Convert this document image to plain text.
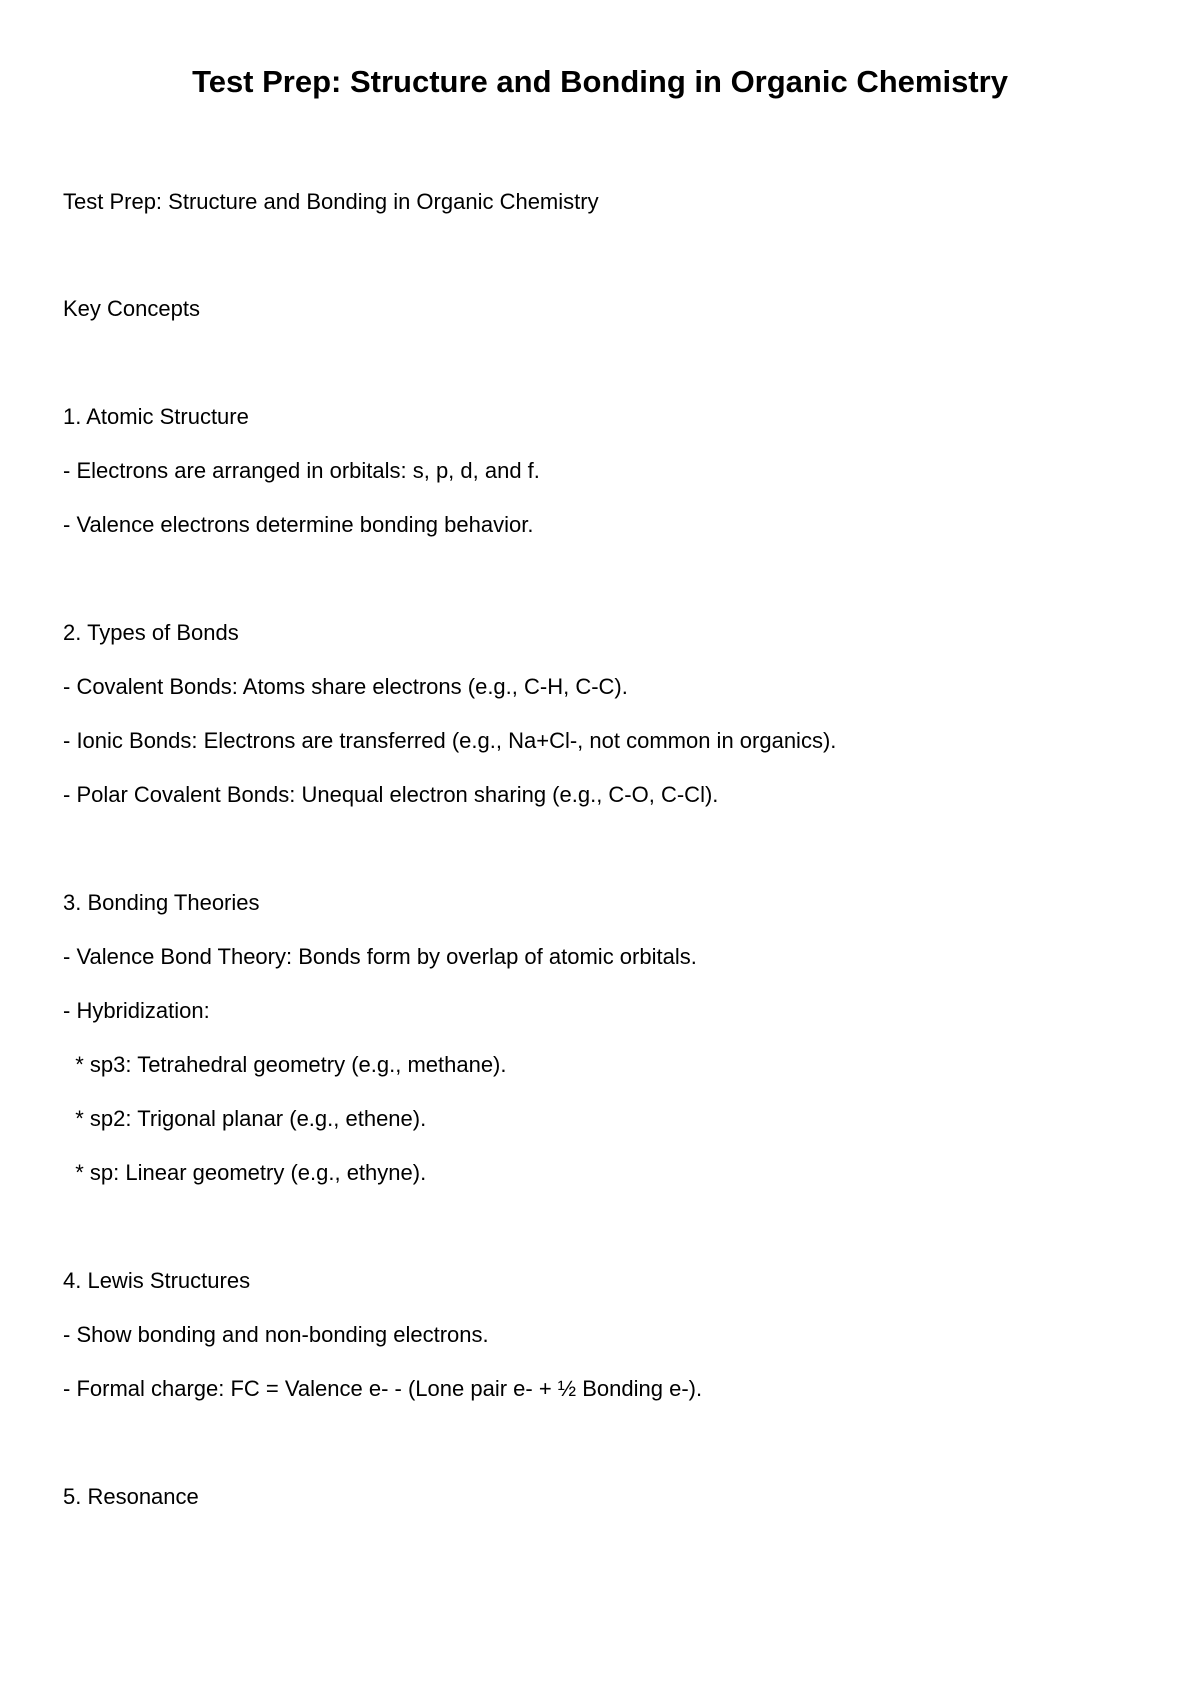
Test Prep: Structure and Bonding in Organic Chemistry

Test Prep: Structure and Bonding in Organic Chemistry

Key Concepts

1. Atomic Structure

- Electrons are arranged in orbitals: s, p, d, and f.

- Valence electrons determine bonding behavior.

2. Types of Bonds

- Covalent Bonds: Atoms share electrons (e.g., C-H, C-C).

- Ionic Bonds: Electrons are transferred (e.g., Na+Cl-, not common in organics).

- Polar Covalent Bonds: Unequal electron sharing (e.g., C-O, C-Cl).

3. Bonding Theories

- Valence Bond Theory: Bonds form by overlap of atomic orbitals.

- Hybridization:

* sp3: Tetrahedral geometry (e.g., methane).

* sp2: Trigonal planar (e.g., ethene).

* sp: Linear geometry (e.g., ethyne).

4. Lewis Structures

- Show bonding and non-bonding electrons.

- Formal charge: FC = Valence e- - (Lone pair e- + ½ Bonding e-).

5. Resonance
